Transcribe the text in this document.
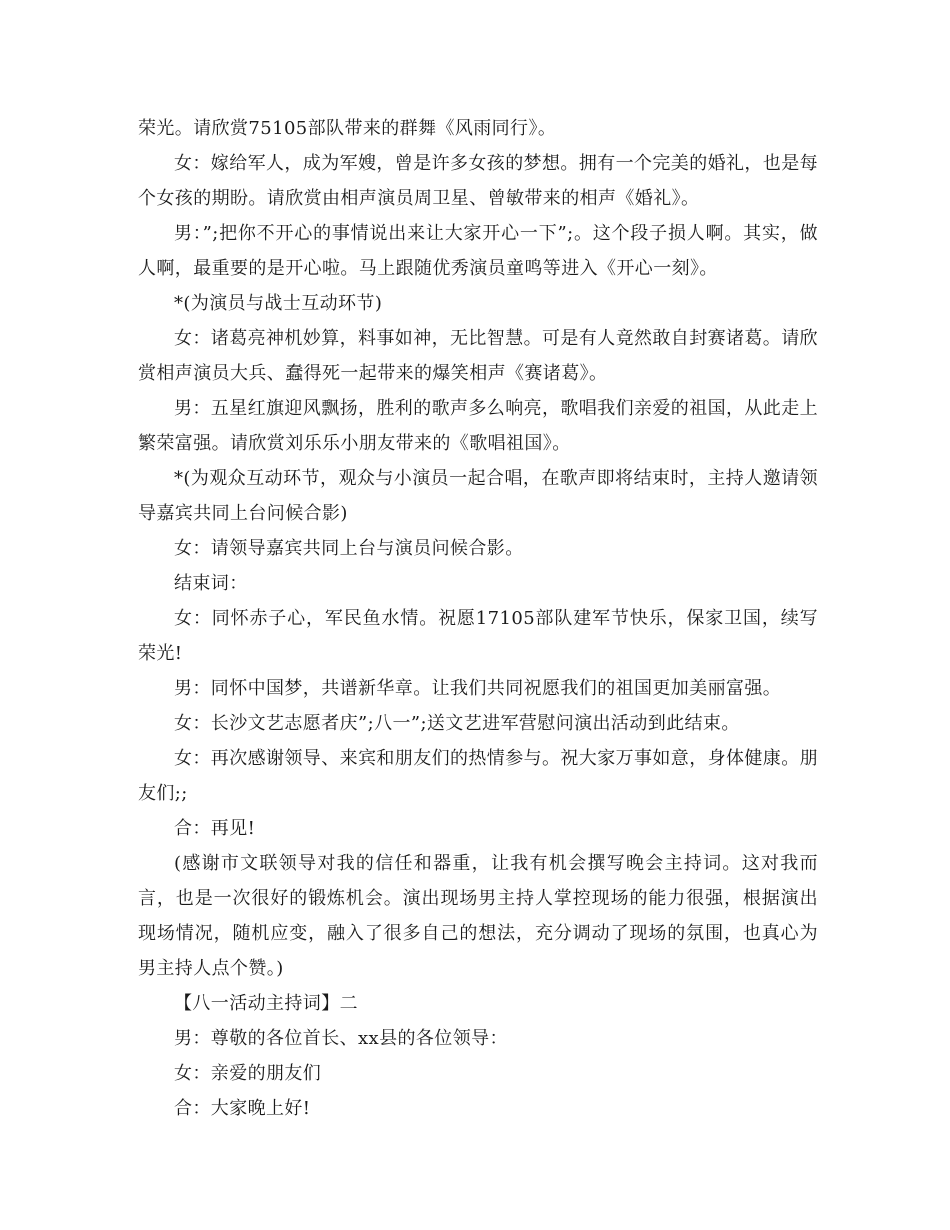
荣光。请欣赏75105部队带来的群舞《风雨同行》。

女：嫁给军人，成为军嫂，曾是许多女孩的梦想。拥有一个完美的婚礼，也是每个女孩的期盼。请欣赏由相声演员周卫星、曾敏带来的相声《婚礼》。

男：”;把你不开心的事情说出来让大家开心一下”;。这个段子损人啊。其实，做人啊，最重要的是开心啦。马上跟随优秀演员童鸣等进入《开心一刻》。

*(为演员与战士互动环节)

女：诸葛亮神机妙算，料事如神，无比智慧。可是有人竟然敢自封赛诸葛。请欣赏相声演员大兵、蠢得死一起带来的爆笑相声《赛诸葛》。

男：五星红旗迎风飘扬，胜利的歌声多么响亮，歌唱我们亲爱的祖国，从此走上繁荣富强。请欣赏刘乐乐小朋友带来的《歌唱祖国》。

*(为观众互动环节，观众与小演员一起合唱，在歌声即将结束时，主持人邀请领导嘉宾共同上台问候合影)

女：请领导嘉宾共同上台与演员问候合影。

结束词：

女：同怀赤子心，军民鱼水情。祝愿17105部队建军节快乐，保家卫国，续写荣光!

男：同怀中国梦，共谱新华章。让我们共同祝愿我们的祖国更加美丽富强。

女：长沙文艺志愿者庆”;八一”;送文艺进军营慰问演出活动到此结束。

女：再次感谢领导、来宾和朋友们的热情参与。祝大家万事如意，身体健康。朋友们;;

合：再见!

(感谢市文联领导对我的信任和器重，让我有机会撰写晚会主持词。这对我而言，也是一次很好的锻炼机会。演出现场男主持人掌控现场的能力很强，根据演出现场情况，随机应变，融入了很多自己的想法，充分调动了现场的氛围，也真心为男主持人点个赞。)

【八一活动主持词】二

男：尊敬的各位首长、xx县的各位领导：

女：亲爱的朋友们

合：大家晚上好!
